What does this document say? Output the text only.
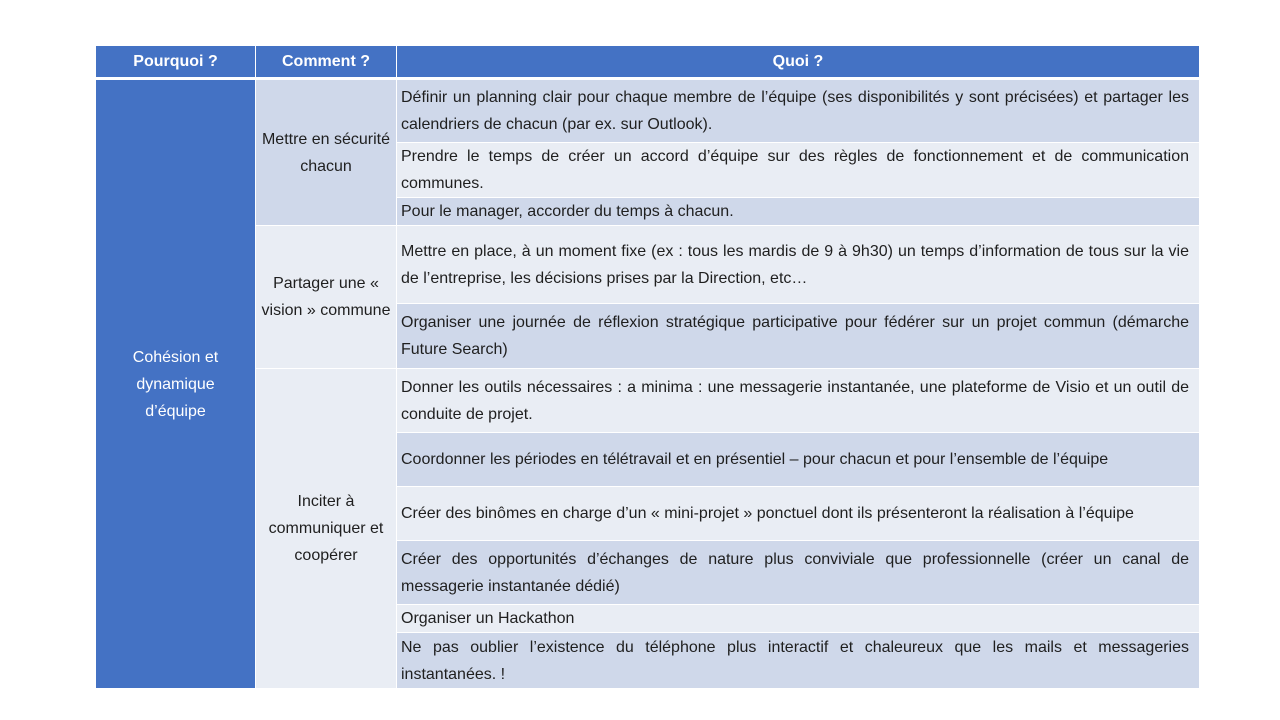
Pourquoi ?	Comment ?	Quoi ?
Cohésion et dynamique d’équipe	Mettre en sécurité chacun	Définir un planning clair pour chaque membre de l’équipe (ses disponibilités y sont précisées) et partager les calendriers de chacun (par ex. sur Outlook).
		Prendre le temps de créer un accord d’équipe sur des règles de fonctionnement et de communication communes.
		Pour le manager, accorder du temps à chacun.
	Partager une « vision » commune	Mettre en place, à un moment fixe (ex : tous les mardis de 9 à 9h30) un temps d’information de tous sur la vie de l’entreprise, les décisions prises par la Direction, etc…
		Organiser une journée de réflexion stratégique participative pour fédérer sur un projet commun (démarche Future Search)
	Inciter à communiquer et coopérer	Donner les outils nécessaires : a minima : une messagerie instantanée, une plateforme de Visio et un outil de conduite de projet.
		Coordonner les périodes en télétravail et en présentiel – pour chacun et pour l’ensemble de l’équipe
		Créer des binômes en charge d’un « mini-projet » ponctuel dont ils présenteront la réalisation à l’équipe
		Créer des opportunités d’échanges de nature plus conviviale que professionnelle (créer un canal de messagerie instantanée dédié)
		Organiser un Hackathon
		Ne pas oublier l’existence du téléphone plus interactif et chaleureux que les mails et messageries instantanées. !
